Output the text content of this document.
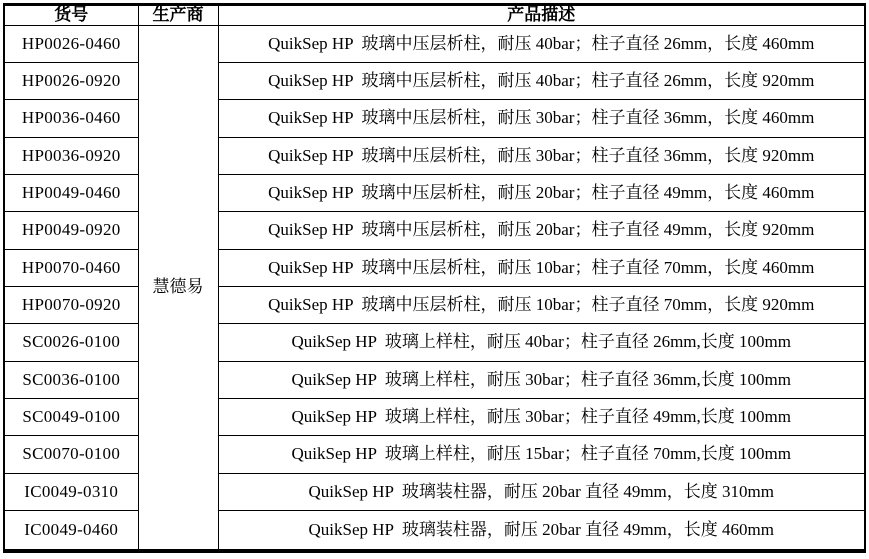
货号	生产商	产品描述
HP0026-0460	慧德易	QuikSep HP  玻璃中压层析柱，耐压 40bar；柱子直径 26mm，长度 460mm
HP0026-0920		QuikSep HP  玻璃中压层析柱，耐压 40bar；柱子直径 26mm，长度 920mm
HP0036-0460		QuikSep HP  玻璃中压层析柱，耐压 30bar；柱子直径 36mm，长度 460mm
HP0036-0920		QuikSep HP  玻璃中压层析柱，耐压 30bar；柱子直径 36mm，长度 920mm
HP0049-0460		QuikSep HP  玻璃中压层析柱，耐压 20bar；柱子直径 49mm，长度 460mm
HP0049-0920		QuikSep HP  玻璃中压层析柱，耐压 20bar；柱子直径 49mm，长度 920mm
HP0070-0460		QuikSep HP  玻璃中压层析柱，耐压 10bar；柱子直径 70mm，长度 460mm
HP0070-0920		QuikSep HP  玻璃中压层析柱，耐压 10bar；柱子直径 70mm，长度 920mm
SC0026-0100		QuikSep HP  玻璃上样柱，耐压 40bar；柱子直径 26mm,长度 100mm
SC0036-0100		QuikSep HP  玻璃上样柱，耐压 30bar；柱子直径 36mm,长度 100mm
SC0049-0100		QuikSep HP  玻璃上样柱，耐压 30bar；柱子直径 49mm,长度 100mm
SC0070-0100		QuikSep HP  玻璃上样柱，耐压 15bar；柱子直径 70mm,长度 100mm
IC0049-0310		QuikSep HP  玻璃装柱器，耐压 20bar 直径 49mm，长度 310mm
IC0049-0460		QuikSep HP  玻璃装柱器，耐压 20bar 直径 49mm，长度 460mm
